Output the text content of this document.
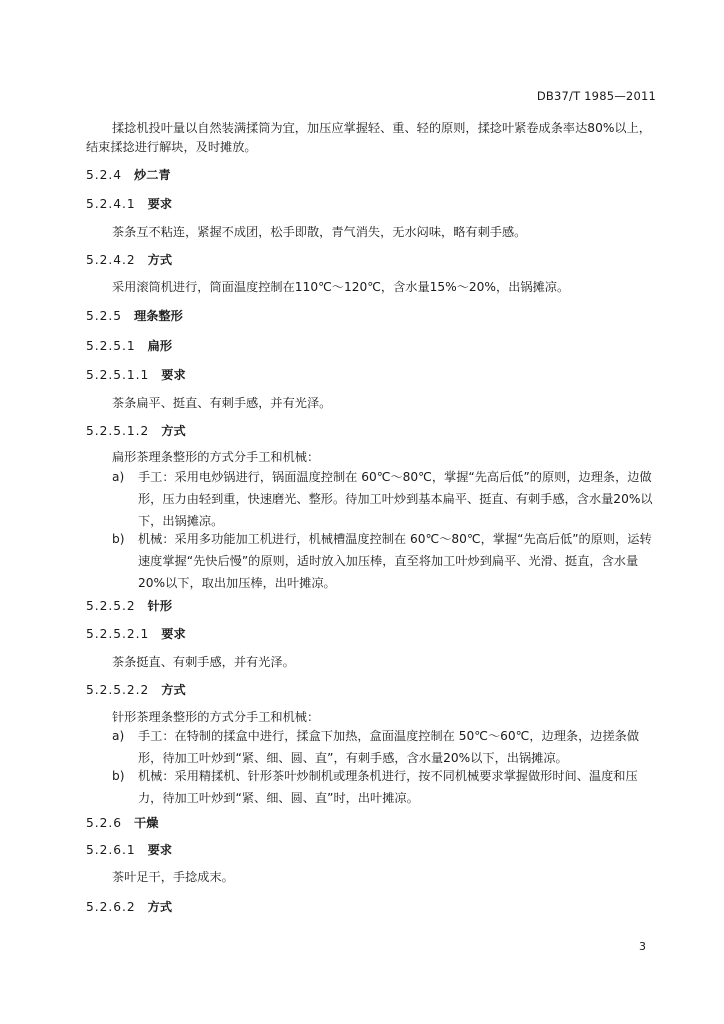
DB37/T 1985—2011
揉捻机投叶量以自然装满揉筒为宜，加压应掌握轻、重、轻的原则，揉捻叶紧卷成条率达80%以上，
结束揉捻进行解块，及时摊放。
5.2.4 炒二青
5.2.4.1 要求
茶条互不粘连，紧握不成团，松手即散，青气消失，无水闷味，略有刺手感。
5.2.4.2 方式
采用滚筒机进行，筒面温度控制在110℃～120℃，含水量15%～20%，出锅摊凉。
5.2.5 理条整形
5.2.5.1 扁形
5.2.5.1.1 要求
茶条扁平、挺直、有刺手感，并有光泽。
5.2.5.1.2 方式
扁形茶理条整形的方式分手工和机械：
a)	手工：采用电炒锅进行，锅面温度控制在 60℃～80℃，掌握“先高后低”的原则，边理条，边做形，压力由轻到重，快速磨光、整形。待加工叶炒到基本扁平、挺直、有刺手感，含水量20%以下，出锅摊凉。
b)	机械：采用多功能加工机进行，机械槽温度控制在 60℃～80℃，掌握“先高后低”的原则，运转速度掌握“先快后慢”的原则，适时放入加压棒，直至将加工叶炒到扁平、光滑、挺直，含水量20%以下，取出加压棒，出叶摊凉。
5.2.5.2 针形
5.2.5.2.1 要求
茶条挺直、有刺手感，并有光泽。
5.2.5.2.2 方式
针形茶理条整形的方式分手工和机械：
a)	手工：在特制的揉盒中进行，揉盒下加热，盒面温度控制在 50℃～60℃，边理条，边搓条做形，待加工叶炒到“紧、细、圆、直”，有刺手感，含水量20%以下，出锅摊凉。
b)	机械：采用精揉机、针形茶叶炒制机或理条机进行，按不同机械要求掌握做形时间、温度和压力，待加工叶炒到“紧、细、圆、直”时，出叶摊凉。
5.2.6 干燥
5.2.6.1 要求
茶叶足干，手捻成末。
5.2.6.2 方式
3
